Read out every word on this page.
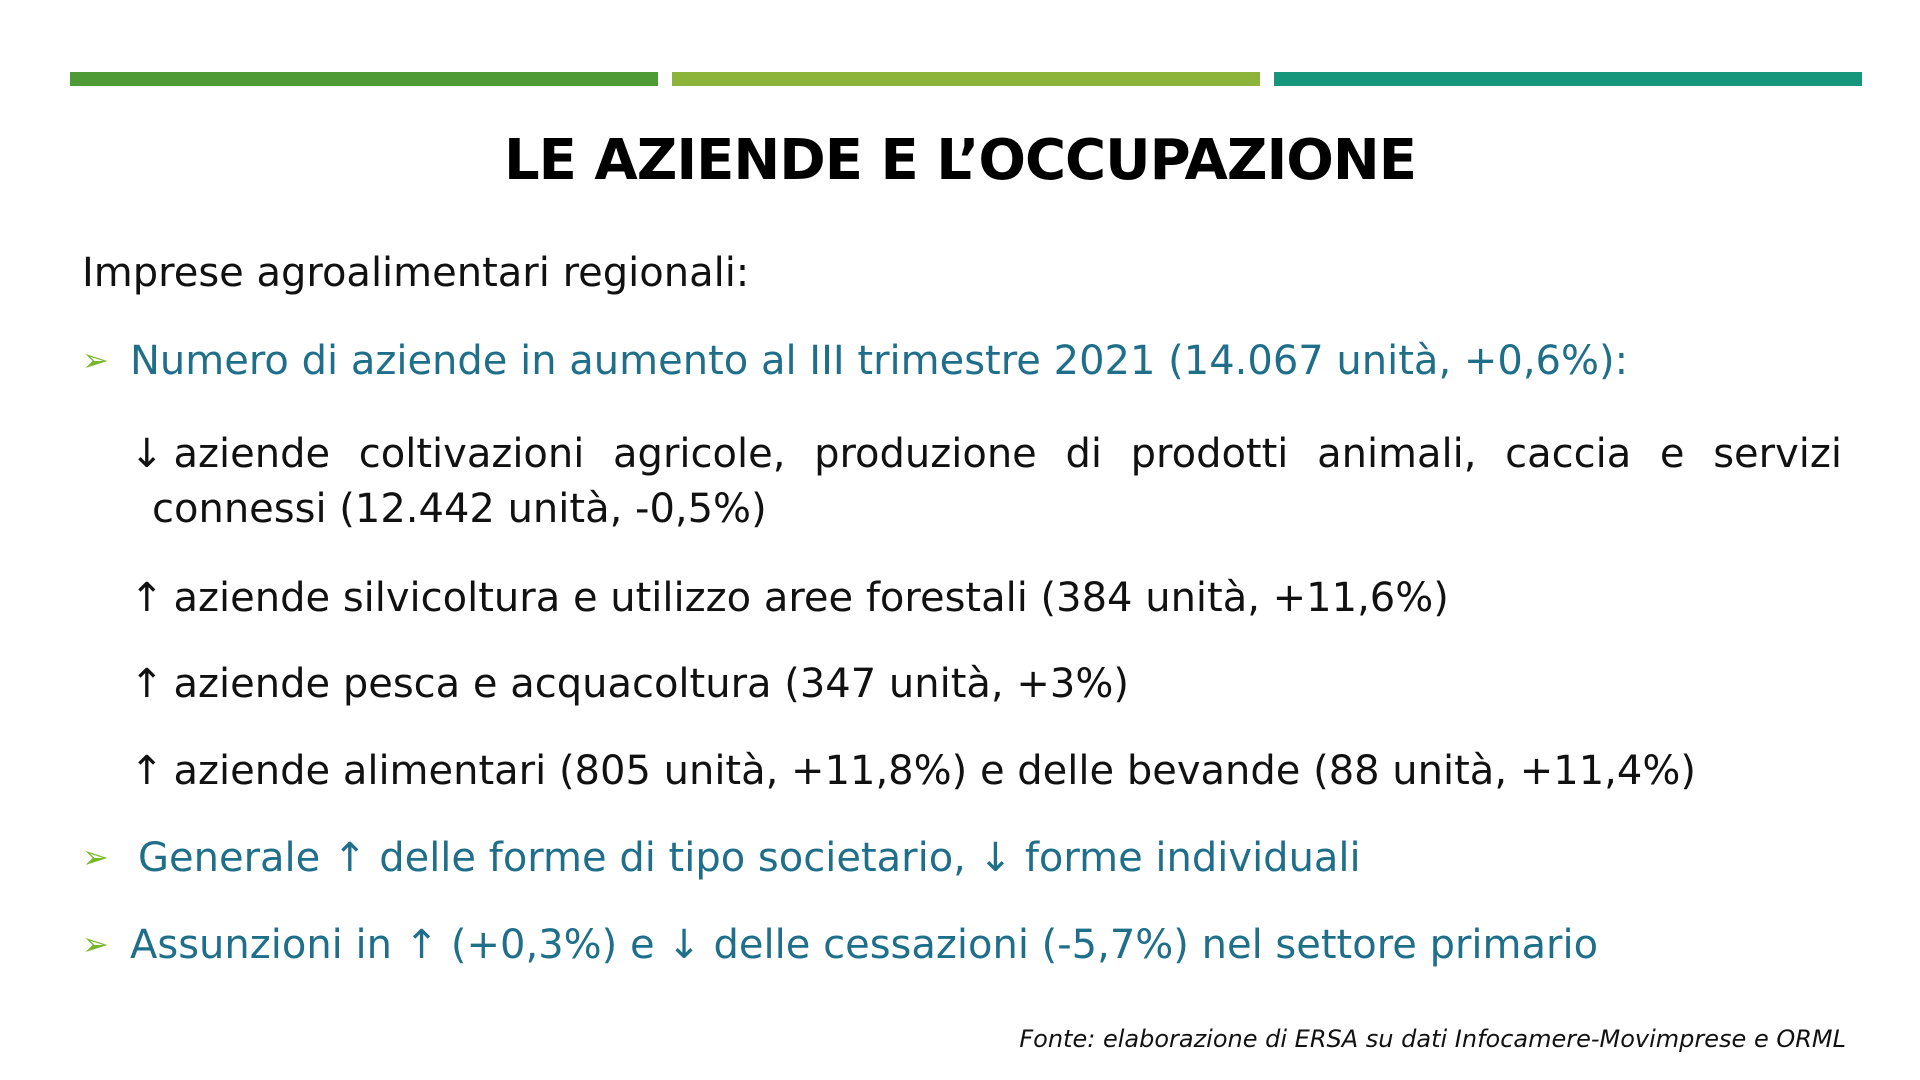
LE AZIENDE E L’OCCUPAZIONE
Imprese agroalimentari regionali:
➢ Numero di aziende in aumento al III trimestre 2021 (14.067 unità, +0,6%):
↓ aziende coltivazioni agricole, produzione di prodotti animali, caccia e servizi
connessi (12.442 unità, -0,5%)
↑ aziende silvicoltura e utilizzo aree forestali (384 unità, +11,6%)
↑ aziende pesca e acquacoltura (347 unità, +3%)
↑ aziende alimentari (805 unità, +11,8%) e delle bevande (88 unità, +11,4%)
➢ Generale ↑ delle forme di tipo societario, ↓ forme individuali
➢ Assunzioni in ↑ (+0,3%) e ↓ delle cessazioni (-5,7%) nel settore primario
Fonte: elaborazione di ERSA su dati Infocamere-Movimprese e ORML
